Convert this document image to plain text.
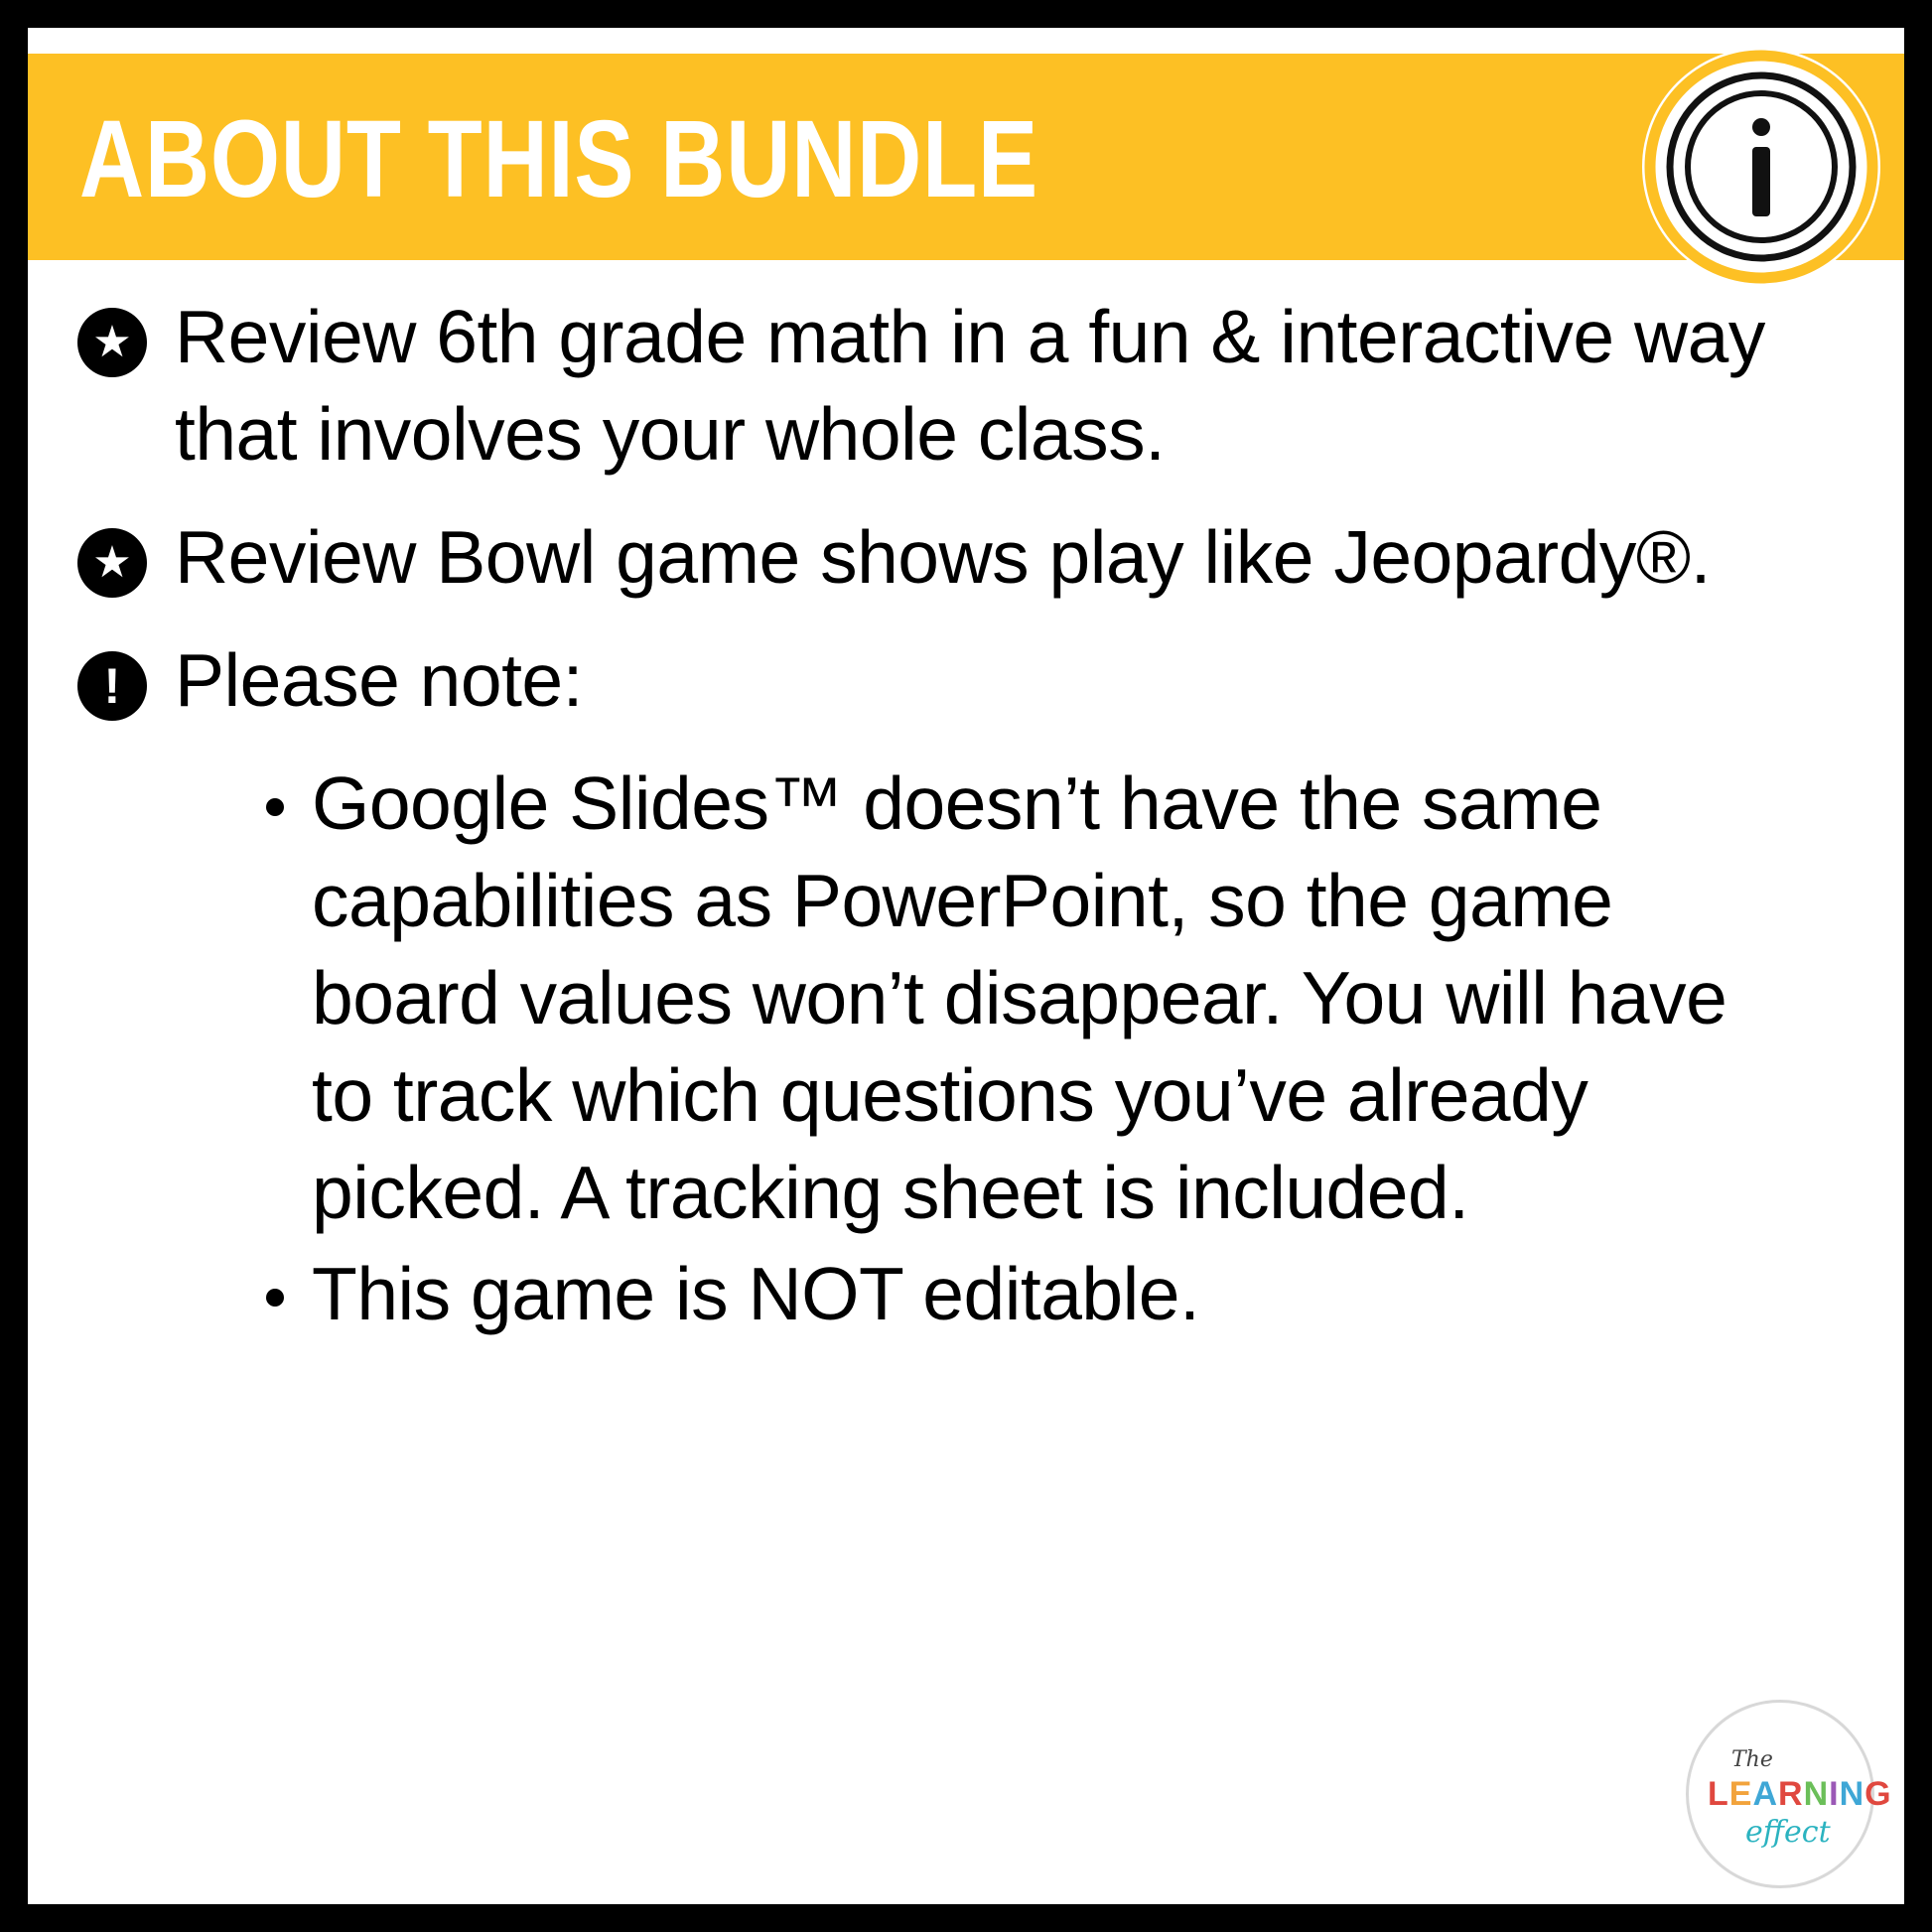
ABOUT THIS BUNDLE
★ Review 6th grade math in a fun & interactive way that involves your whole class.
★ Review Bowl game shows play like Jeopardy®.
! Please note:
Google Slides™ doesn’t have the same capabilities as PowerPoint, so the game board values won’t disappear. You will have to track which questions you’ve already picked. A tracking sheet is included.
This game is NOT editable.
The
LEARNING
effect
